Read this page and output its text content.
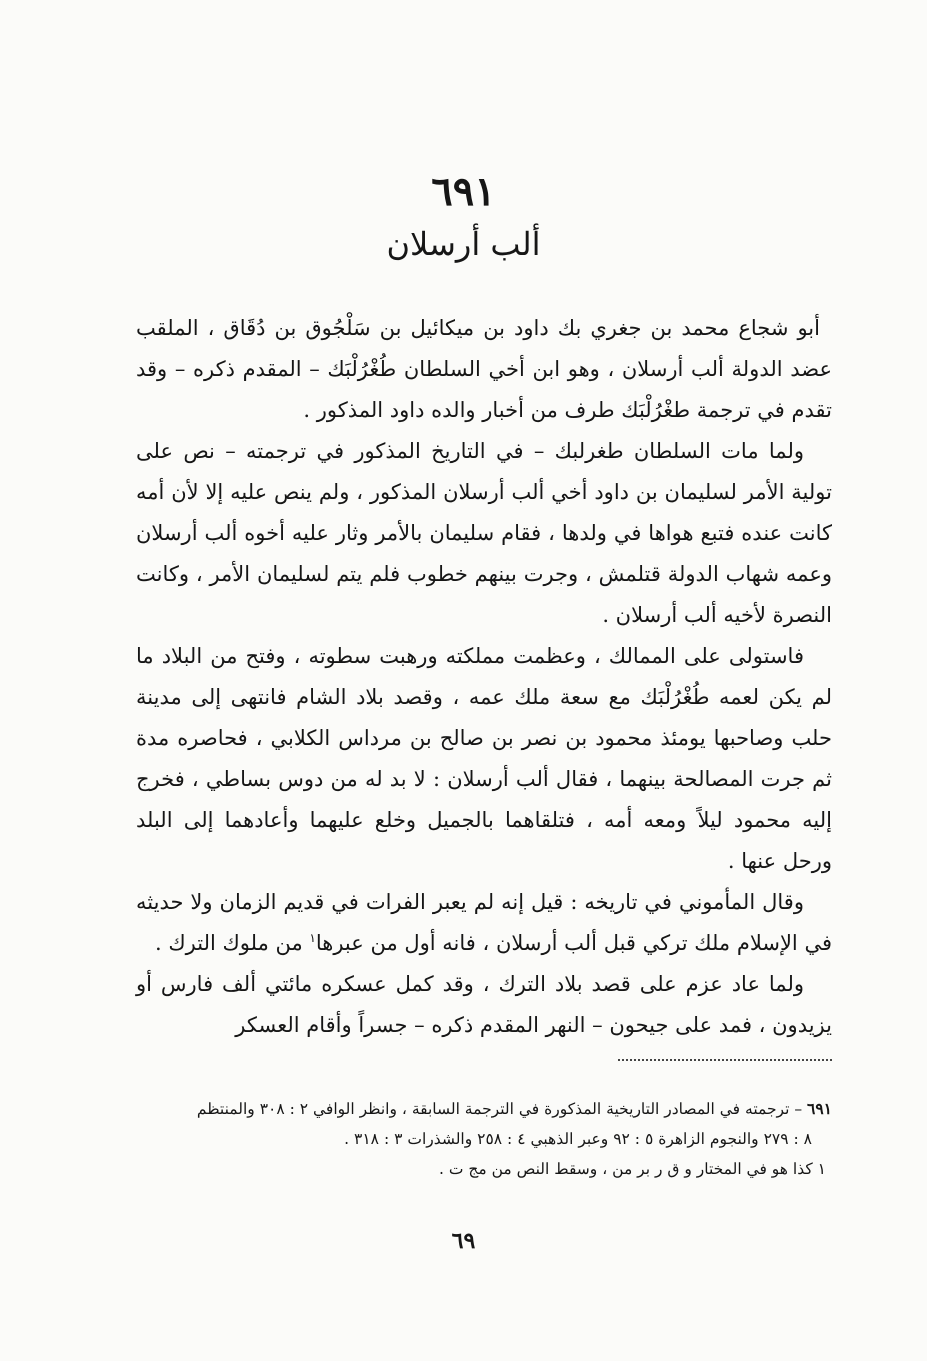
٦٩١
ألب أرسلان

أبو شجاع محمد بن جغري بك داود بن ميكائيل بن سَلْجُوق بن دُقَاق ، الملقب عضد الدولة ألب أرسلان ، وهو ابن أخي السلطان طُغْرُلْبَك – المقدم ذكره – وقد تقدم في ترجمة طغْرُلْبَك طرف من أخبار والده داود المذكور .

ولما مات السلطان طغرلبك – في التاريخ المذكور في ترجمته – نص على تولية الأمر لسليمان بن داود أخي ألب أرسلان المذكور ، ولم ينص عليه إلا لأن أمه كانت عنده فتبع هواها في ولدها ، فقام سليمان بالأمر وثار عليه أخوه ألب أرسلان وعمه شهاب الدولة قتلمش ، وجرت بينهم خطوب فلم يتم لسليمان الأمر ، وكانت النصرة لأخيه ألب أرسلان .

فاستولى على الممالك ، وعظمت مملكته ورهبت سطوته ، وفتح من البلاد ما لم يكن لعمه طُغْرُلْبَك مع سعة ملك عمه ، وقصد بلاد الشام فانتهى إلى مدينة حلب وصاحبها يومئذ محمود بن نصر بن صالح بن مرداس الكلابي ، فحاصره مدة ثم جرت المصالحة بينهما ، فقال ألب أرسلان : لا بد له من دوس بساطي ، فخرج إليه محمود ليلاً ومعه أمه ، فتلقاهما بالجميل وخلع عليهما وأعادهما إلى البلد ورحل عنها .

وقال المأموني في تاريخه : قيل إنه لم يعبر الفرات في قديم الزمان ولا حديثه في الإسلام ملك تركي قبل ألب أرسلان ، فانه أول من عبرها$^١$ من ملوك الترك .

ولما عاد عزم على قصد بلاد الترك ، وقد كمل عسكره مائتي ألف فارس أو يزيدون ، فمد على جيحون – النهر المقدم ذكره – جسراً وأقام العسكر

٦٩١ – ترجمته في المصادر التاريخية المذكورة في الترجمة السابقة ، وانظر الوافي ٢ : ٣٠٨ والمنتظم

٨ : ٢٧٩ والنجوم الزاهرة ٥ : ٩٢ وعبر الذهبي ٤ : ٢٥٨ والشذرات ٣ : ٣١٨ .

١ كذا هو في المختار و ق ر بر من ، وسقط النص من مج ت .

٦٩
